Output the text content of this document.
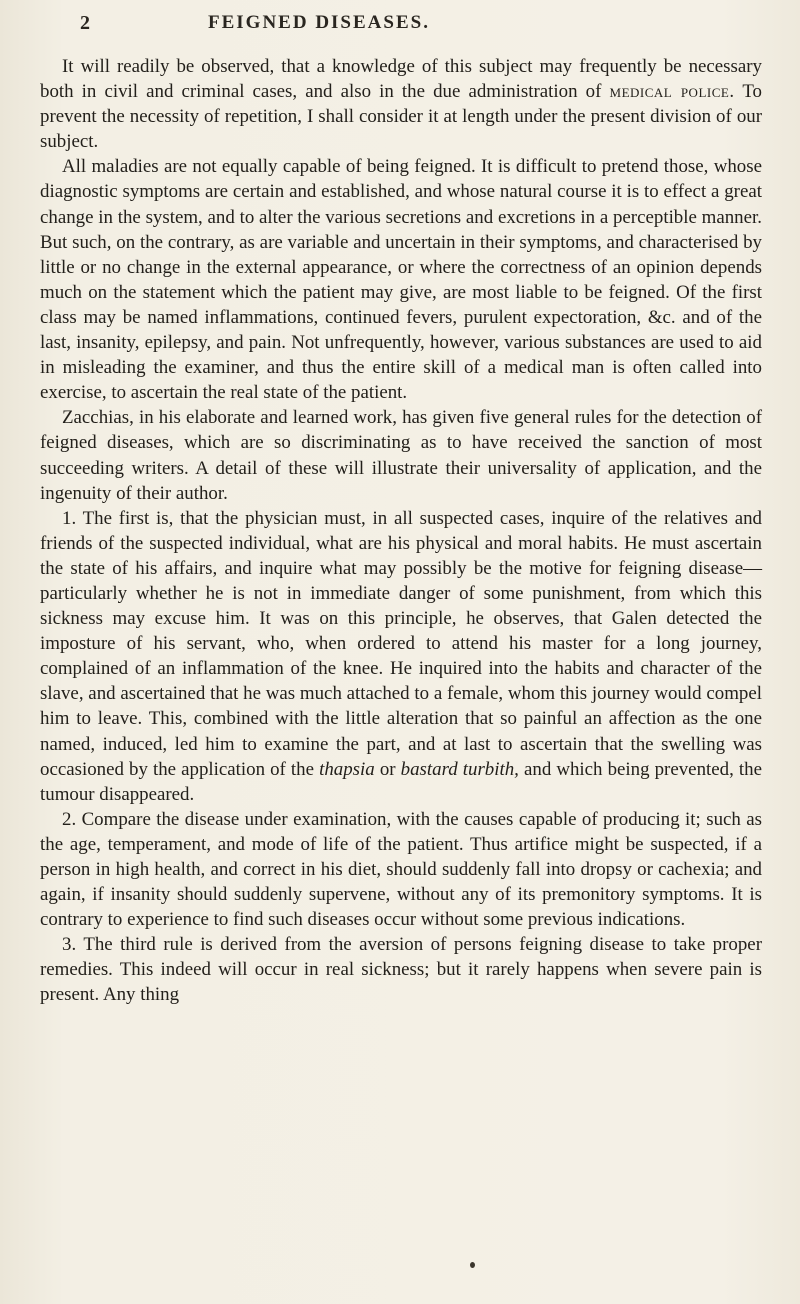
2	FEIGNED DISEASES.

It will readily be observed, that a knowledge of this subject may frequently be necessary both in civil and criminal cases, and also in the due administration of medical police. To prevent the necessity of repetition, I shall consider it at length under the present division of our subject.

All maladies are not equally capable of being feigned. It is difficult to pretend those, whose diagnostic symptoms are certain and established, and whose natural course it is to effect a great change in the system, and to alter the various secretions and excretions in a perceptible manner. But such, on the contrary, as are variable and uncertain in their symptoms, and characterised by little or no change in the external appearance, or where the correctness of an opinion depends much on the statement which the patient may give, are most liable to be feigned. Of the first class may be named inflammations, continued fevers, purulent expectoration, &c. and of the last, insanity, epilepsy, and pain. Not unfrequently, however, various substances are used to aid in misleading the examiner, and thus the entire skill of a medical man is often called into exercise, to ascertain the real state of the patient.

Zacchias, in his elaborate and learned work, has given five general rules for the detection of feigned diseases, which are so discriminating as to have received the sanction of most succeeding writers. A detail of these will illustrate their universality of application, and the ingenuity of their author.

1. The first is, that the physician must, in all suspected cases, inquire of the relatives and friends of the suspected individual, what are his physical and moral habits. He must ascertain the state of his affairs, and inquire what may possibly be the motive for feigning disease—particularly whether he is not in immediate danger of some punishment, from which this sickness may excuse him. It was on this principle, he observes, that Galen detected the imposture of his servant, who, when ordered to attend his master for a long journey, complained of an inflammation of the knee. He inquired into the habits and character of the slave, and ascertained that he was much attached to a female, whom this journey would compel him to leave. This, combined with the little alteration that so painful an affection as the one named, induced, led him to examine the part, and at last to ascertain that the swelling was occasioned by the application of the thapsia or bastard turbith, and which being prevented, the tumour disappeared.

2. Compare the disease under examination, with the causes capable of producing it; such as the age, temperament, and mode of life of the patient. Thus artifice might be suspected, if a person in high health, and correct in his diet, should suddenly fall into dropsy or cachexia; and again, if insanity should suddenly supervene, without any of its premonitory symptoms. It is contrary to experience to find such diseases occur without some previous indications.

3. The third rule is derived from the aversion of persons feigning disease to take proper remedies. This indeed will occur in real sickness; but it rarely happens when severe pain is present. Any thing
